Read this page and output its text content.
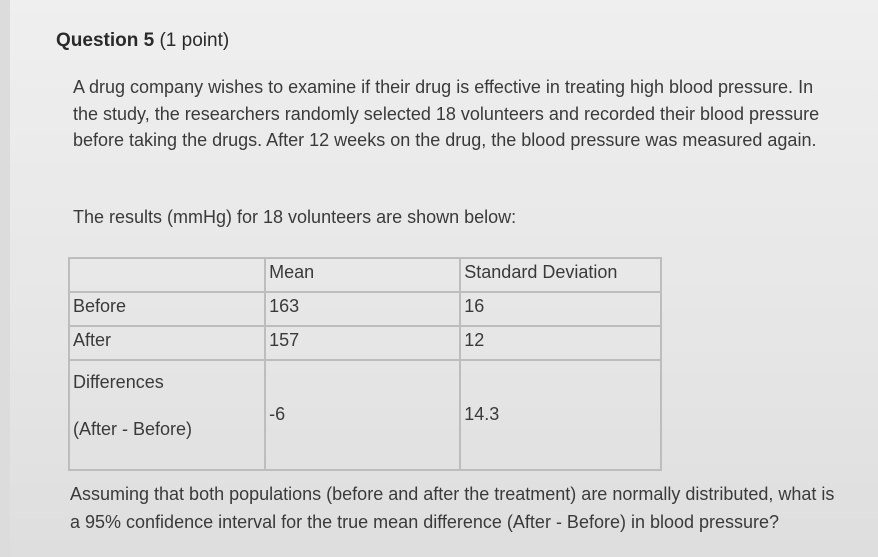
Question 5 (1 point)
A drug company wishes to examine if their drug is effective in treating high blood pressure. In the study, the researchers randomly selected 18 volunteers and recorded their blood pressure before taking the drugs. After 12 weeks on the drug, the blood pressure was measured again.
The results (mmHg) for 18 volunteers are shown below:
	Mean	Standard Deviation
Before	163	16
After	157	12

Differences
(After - Before)	-6	14.3
Assuming that both populations (before and after the treatment) are normally distributed, what is a 95% confidence interval for the true mean difference (After - Before) in blood pressure?
